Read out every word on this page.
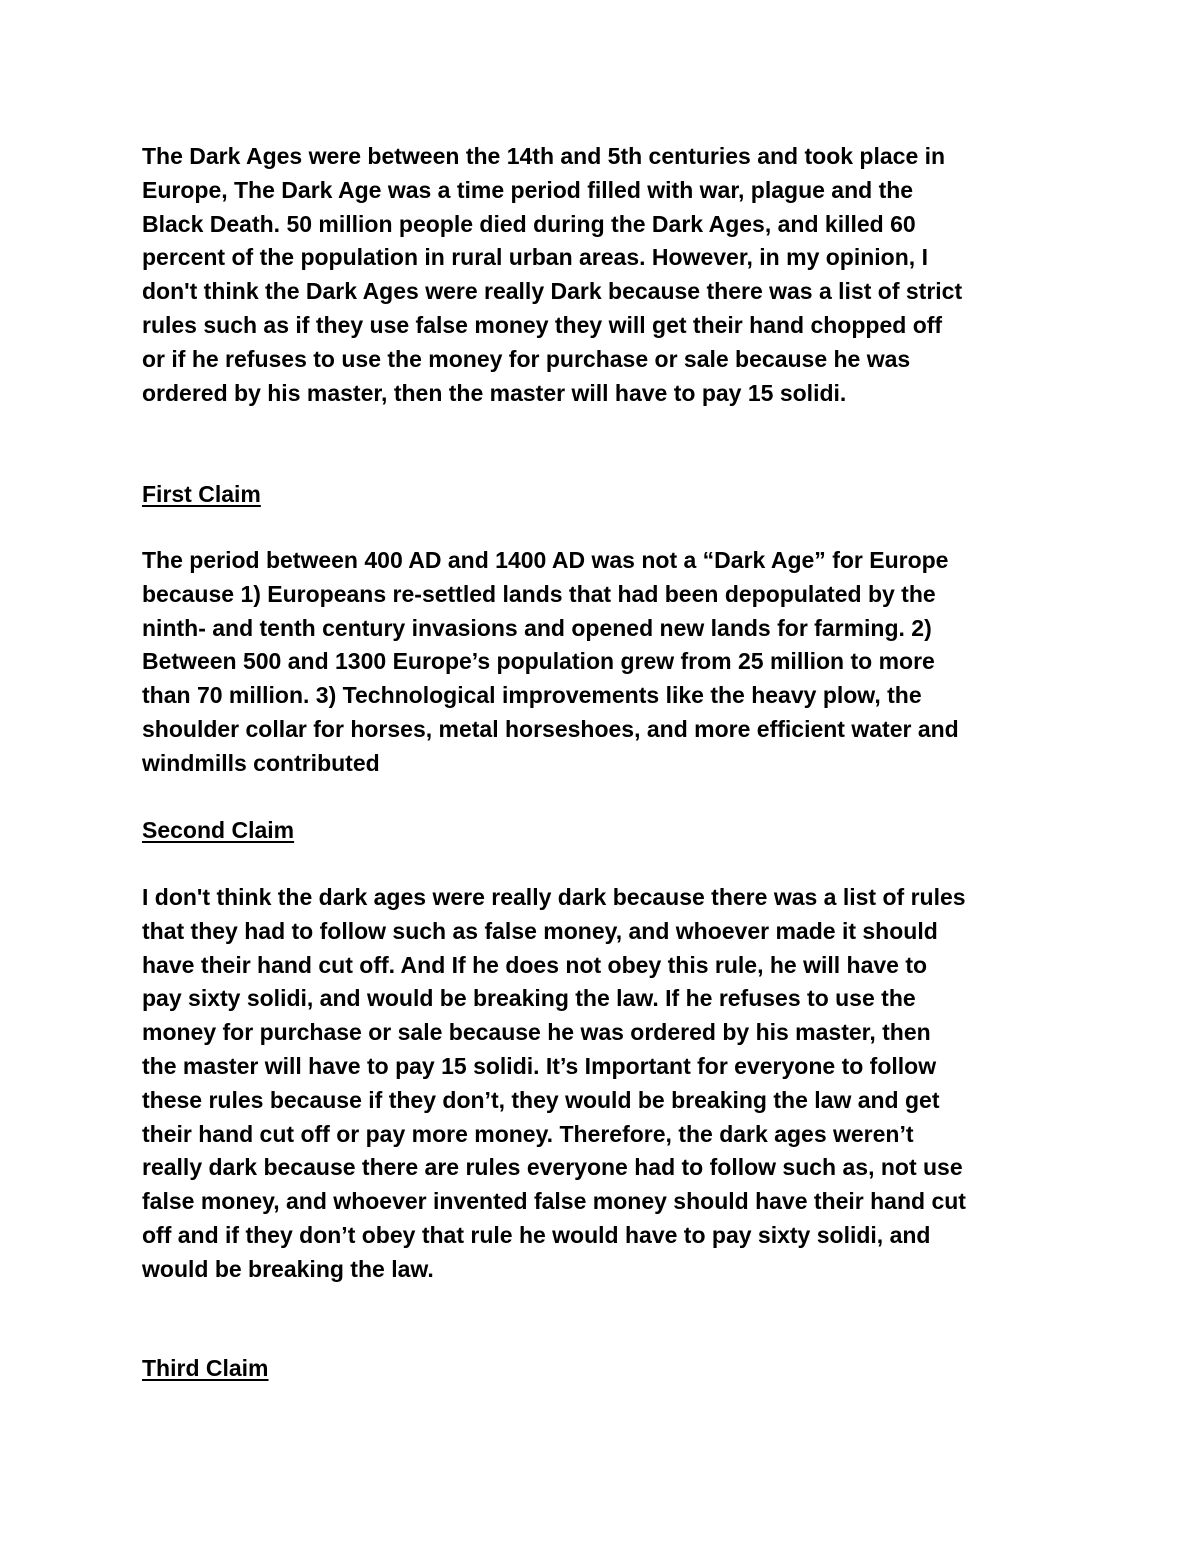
The Dark Ages were between the 14th and 5th centuries and took place in
Europe, The Dark Age was a time period filled with war, plague and the
Black Death. 50 million people died during the Dark Ages, and killed 60
percent of the population in rural urban areas. However, in my opinion, I
don't think the Dark Ages were really Dark because there was a list of strict
rules such as if they use false money they will get their hand chopped off
or if he refuses to use the money for purchase or sale because he was
ordered by his master, then the master will have to pay 15 solidi.

First Claim

The period between 400 AD and 1400 AD was not a “Dark Age” for Europe
because 1) Europeans re-settled lands that had been depopulated by the
ninth- and tenth century invasions and opened new lands for farming. 2)
Between 500 and 1300 Europe’s population grew from 25 million to more
than 70 million. 3) Technological improvements like the heavy plow, the
shoulder collar for horses, metal horseshoes, and more efficient water and
windmills contributed

Second Claim

I don't think the dark ages were really dark because there was a list of rules
that they had to follow such as false money, and whoever made it should
have their hand cut off. And If he does not obey this rule, he will have to
pay sixty solidi, and would be breaking the law. If he refuses to use the
money for purchase or sale because he was ordered by his master, then
the master will have to pay 15 solidi. It’s Important for everyone to follow
these rules because if they don’t, they would be breaking the law and get
their hand cut off or pay more money. Therefore, the dark ages weren’t
really dark because there are rules everyone had to follow such as, not use
false money, and whoever invented false money should have their hand cut
off and if they don’t obey that rule he would have to pay sixty solidi, and
would be breaking the law.

Third Claim
